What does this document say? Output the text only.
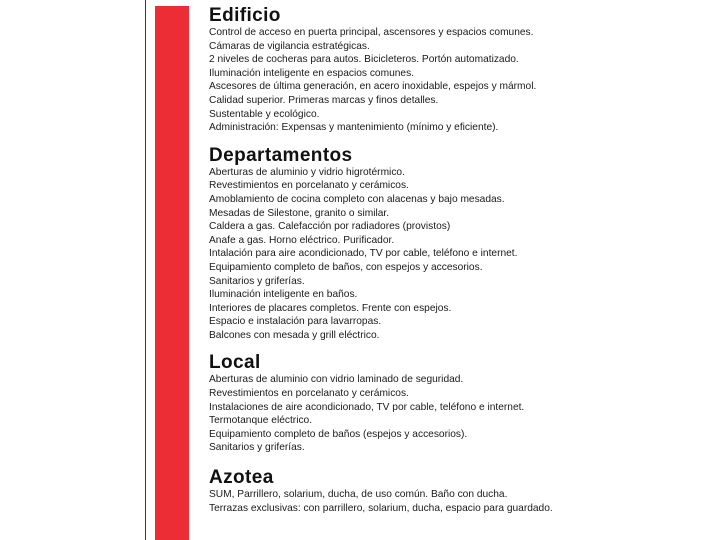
Edificio
Control de acceso en puerta principal, ascensores y espacios comunes.
Cámaras de vigilancia estratégicas.
2 niveles de cocheras para autos. Bicicleteros. Portón automatizado.
Iluminación inteligente en espacios comunes.
Ascesores de última generación, en acero inoxidable, espejos y mármol.
Calidad superior. Primeras marcas y finos detalles.
Sustentable y ecológico.
Administración: Expensas y mantenimiento (mínimo y eficiente).
Departamentos
Aberturas de aluminio y vidrio higrotérmico.
Revestimientos en porcelanato y cerámicos.
Amoblamiento de cocina completo con alacenas y bajo mesadas.
Mesadas de Silestone, granito o similar.
Caldera a gas. Calefacción por radiadores (provistos)
Anafe a gas. Horno eléctrico. Purificador.
Intalación para aire acondicionado, TV por cable, teléfono e internet.
Equipamiento completo de baños, con espejos y accesorios.
Sanitarios y griferías.
Iluminación inteligente en baños.
Interiores de placares completos. Frente con espejos.
Espacio e instalación para lavarropas.
Balcones con mesada y grill eléctrico.
Local
Aberturas de aluminio con vidrio laminado de seguridad.
Revestimientos en porcelanato y cerámicos.
Instalaciones de aire acondicionado, TV por cable, teléfono e internet.
Termotanque eléctrico.
Equipamiento completo de baños (espejos y accesorios).
Sanitarios y griferías.
Azotea
SUM, Parrillero, solarium, ducha, de uso común. Baño con ducha.
Terrazas exclusivas: con parrillero, solarium, ducha, espacio para guardado.
